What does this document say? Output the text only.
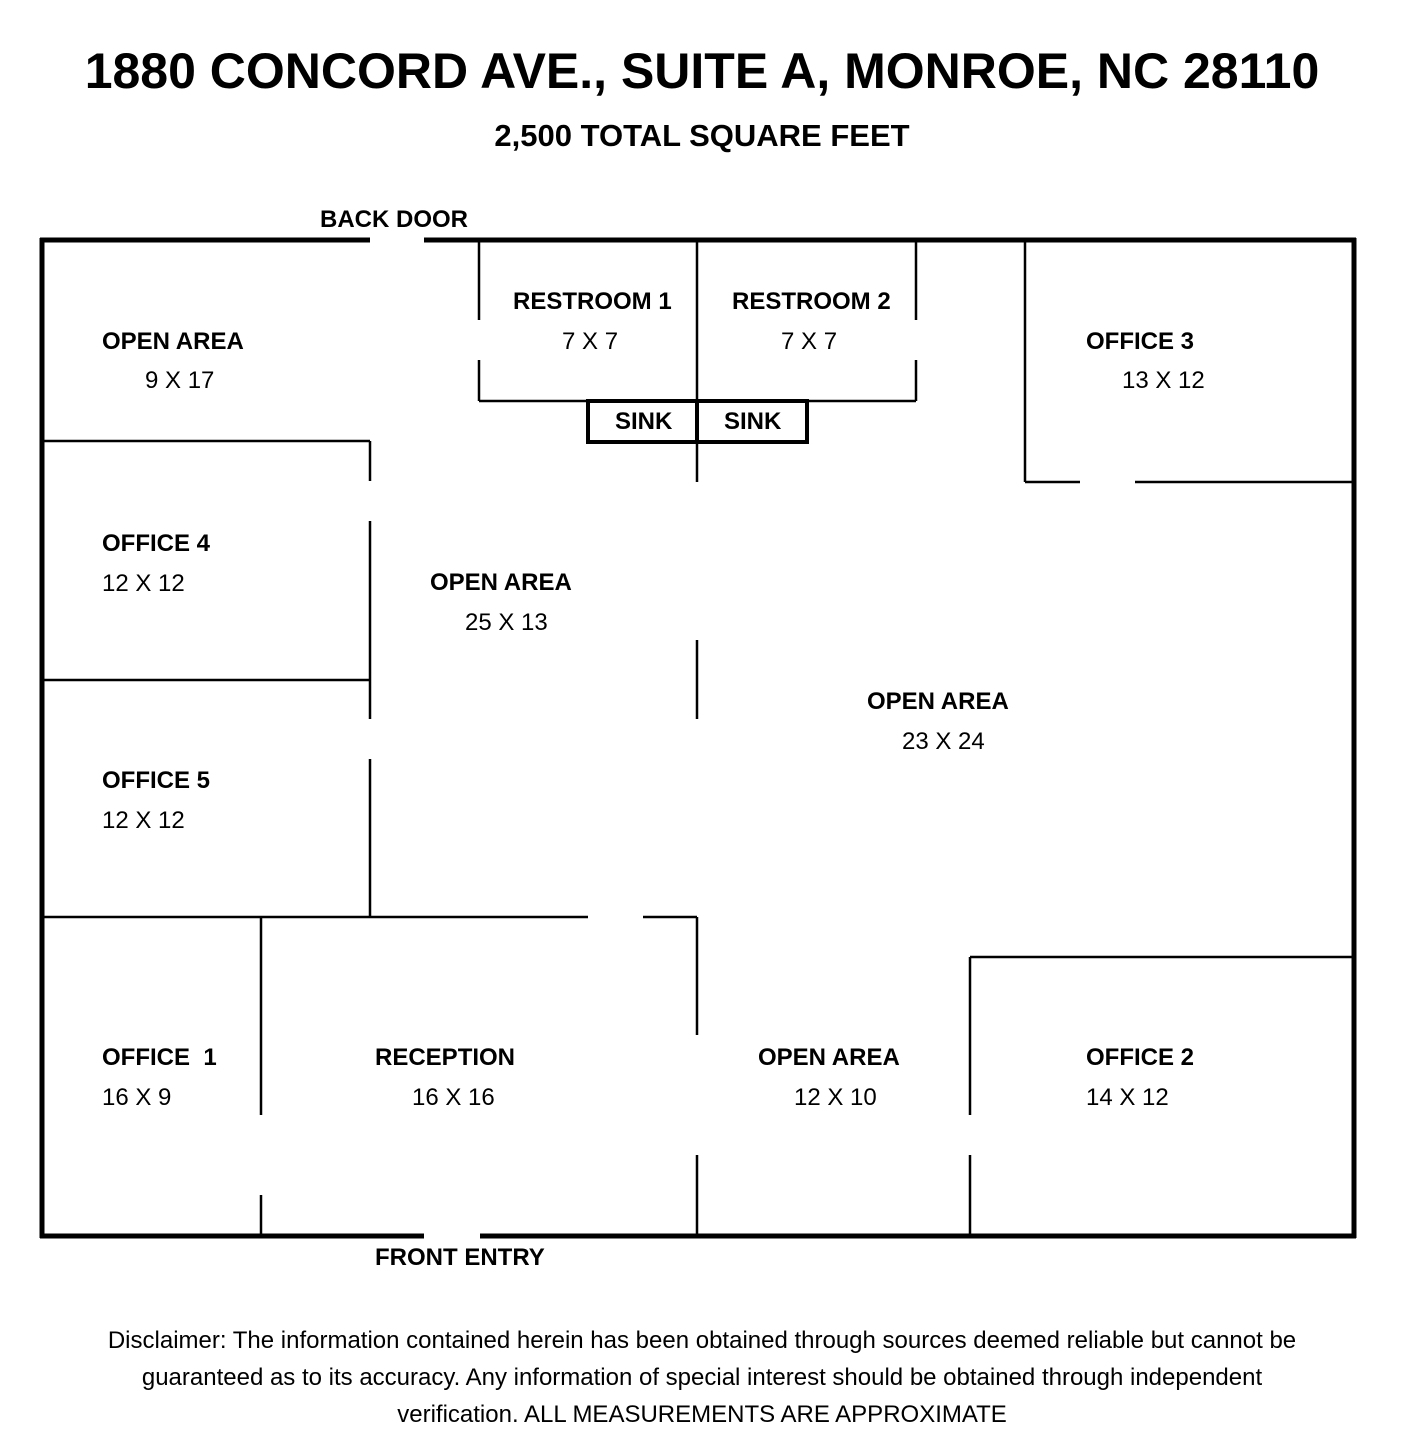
1880 CONCORD AVE., SUITE A, MONROE, NC 28110
2,500 TOTAL SQUARE FEET
BACK DOOR
FRONT ENTRY
SINK SINK
OPEN AREA
9 X 17
RESTROOM 1
7 X 7
RESTROOM 2
7 X 7	OFFICE 3
13 X 12
OFFICE 4
12 X 12	OPEN AREA
25 X 13
OPEN AREA
23 X 24
OFFICE 5
12 X 12
OFFICE  1
16 X 9
RECEPTION
16 X 16
OPEN AREA
12 X 10
OFFICE 2
14 X 12
Disclaimer: The information contained herein has been obtained through sources deemed reliable but cannot be
guaranteed as to its accuracy. Any information of special interest should be obtained through independent
verification. ALL MEASUREMENTS ARE APPROXIMATE
